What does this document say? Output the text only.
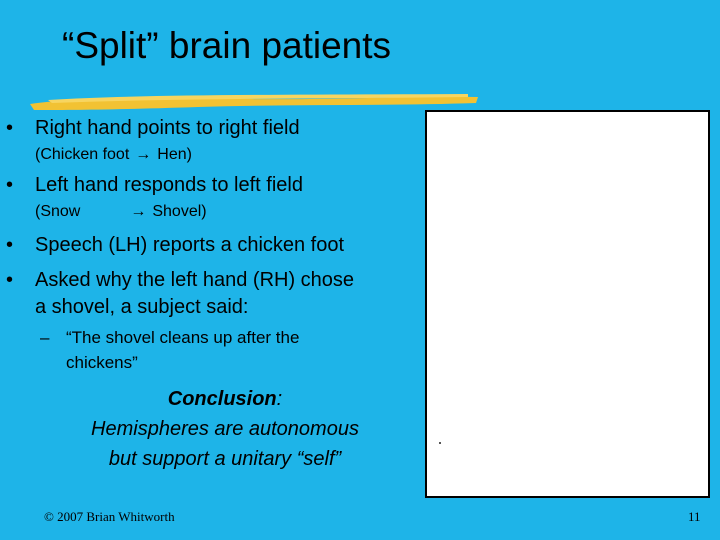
“Split” brain patients
• Right hand points to right field
(Chicken foot → Hen)
• Left hand responds to left field
(Snow	→ Shovel)
• Speech (LH) reports a chicken foot
• Asked why the left hand (RH) chose
a shovel, a subject said:
– “The shovel cleans up after the
chickens”
Conclusion:
Hemispheres are autonomous
but support a unitary “self”
© 2007 Brian Whitworth	11
